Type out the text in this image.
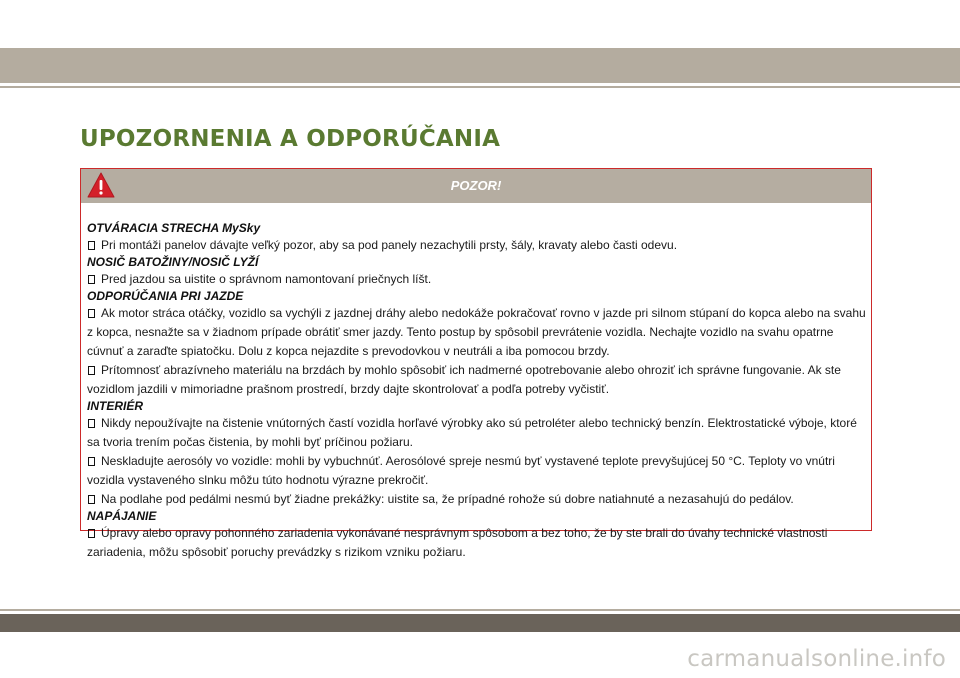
UPOZORNENIA A ODPORÚČANIA
POZOR!

OTVÁRACIA STRECHA MySky

Pri montáži panelov dávajte veľký pozor, aby sa pod panely nezachytili prsty, šály, kravaty alebo časti odevu.

NOSIČ BATOŽINY/NOSIČ LYŽÍ

Pred jazdou sa uistite o správnom namontovaní priečnych líšt.

ODPORÚČANIA PRI JAZDE

Ak motor stráca otáčky, vozidlo sa vychýli z jazdnej dráhy alebo nedokáže pokračovať rovno v jazde pri silnom stúpaní do kopca alebo na svahu z kopca, nesnažte sa v žiadnom prípade obrátiť smer jazdy. Tento postup by spôsobil prevrátenie vozidla. Nechajte vozidlo na svahu opatrne cúvnuť a zaraďte spiatočku. Dolu z kopca nejazdite s prevodovkou v neutráli a iba pomocou brzdy.

Prítomnosť abrazívneho materiálu na brzdách by mohlo spôsobiť ich nadmerné opotrebovanie alebo ohroziť ich správne fungovanie. Ak ste vozidlom jazdili v mimoriadne prašnom prostredí, brzdy dajte skontrolovať a podľa potreby vyčistiť.

INTERIÉR

Nikdy nepoužívajte na čistenie vnútorných častí vozidla horľavé výrobky ako sú petroléter alebo technický benzín. Elektrostatické výboje, ktoré sa tvoria trením počas čistenia, by mohli byť príčinou požiaru.

Neskladujte aerosóly vo vozidle: mohli by vybuchnúť. Aerosólové spreje nesmú byť vystavené teplote prevyšujúcej 50 °C. Teploty vo vnútri vozidla vystaveného slnku môžu túto hodnotu výrazne prekročiť.

Na podlahe pod pedálmi nesmú byť žiadne prekážky: uistite sa, že prípadné rohože sú dobre natiahnuté a nezasahujú do pedálov.

NAPÁJANIE

Úpravy alebo opravy pohonného zariadenia vykonávané nesprávnym spôsobom a bez toho, že by ste brali do úvahy technické vlastnosti zariadenia, môžu spôsobiť poruchy prevádzky s rizikom vzniku požiaru.

carmanualsonline.info
